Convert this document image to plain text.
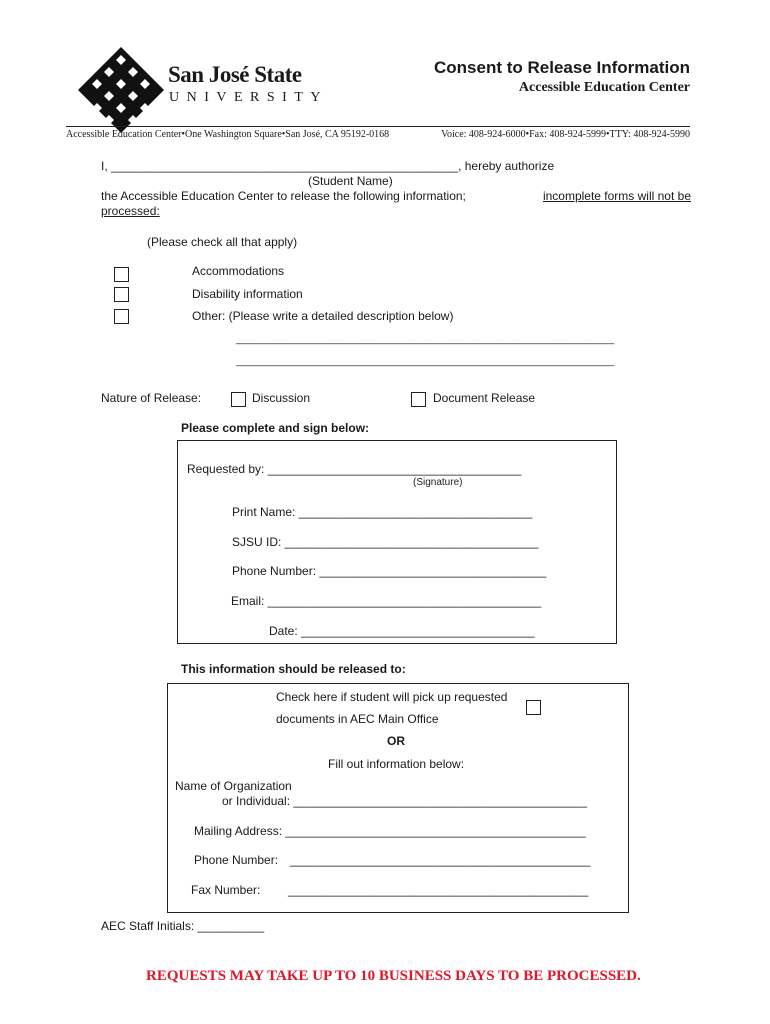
San José State
UNIVERSITY
Consent to Release Information
Accessible Education Center
Accessible Education Center•One Washington Square•San José, CA 95192-0168	Voice: 408-924-6000•Fax: 408-924-5999•TTY: 408-924-5990
I, ____________________________________________________, hereby authorize
(Student Name)
the Accessible Education Center to release the following information;	incomplete forms will not be
processed:
(Please check all that apply)
Accommodations
Disability information
Other: (Please write a detailed description below)
____________________________________________________________________
____________________________________________________________________
Nature of Release:	Discussion	Document Release
Please complete and sign below:
Requested by: ______________________________________
(Signature)
Print Name: ___________________________________
SJSU ID: ______________________________________
Phone Number: __________________________________
Email: _________________________________________
Date: ___________________________________
This information should be released to:
Check here if student will pick up requested
documents in AEC Main Office
OR
Fill out information below:
Name of Organization
or Individual: ____________________________________________
Mailing Address: _____________________________________________
Phone Number: _____________________________________________
Fax Number: _____________________________________________
AEC Staff Initials: __________
REQUESTS MAY TAKE UP TO 10 BUSINESS DAYS TO BE PROCESSED.
